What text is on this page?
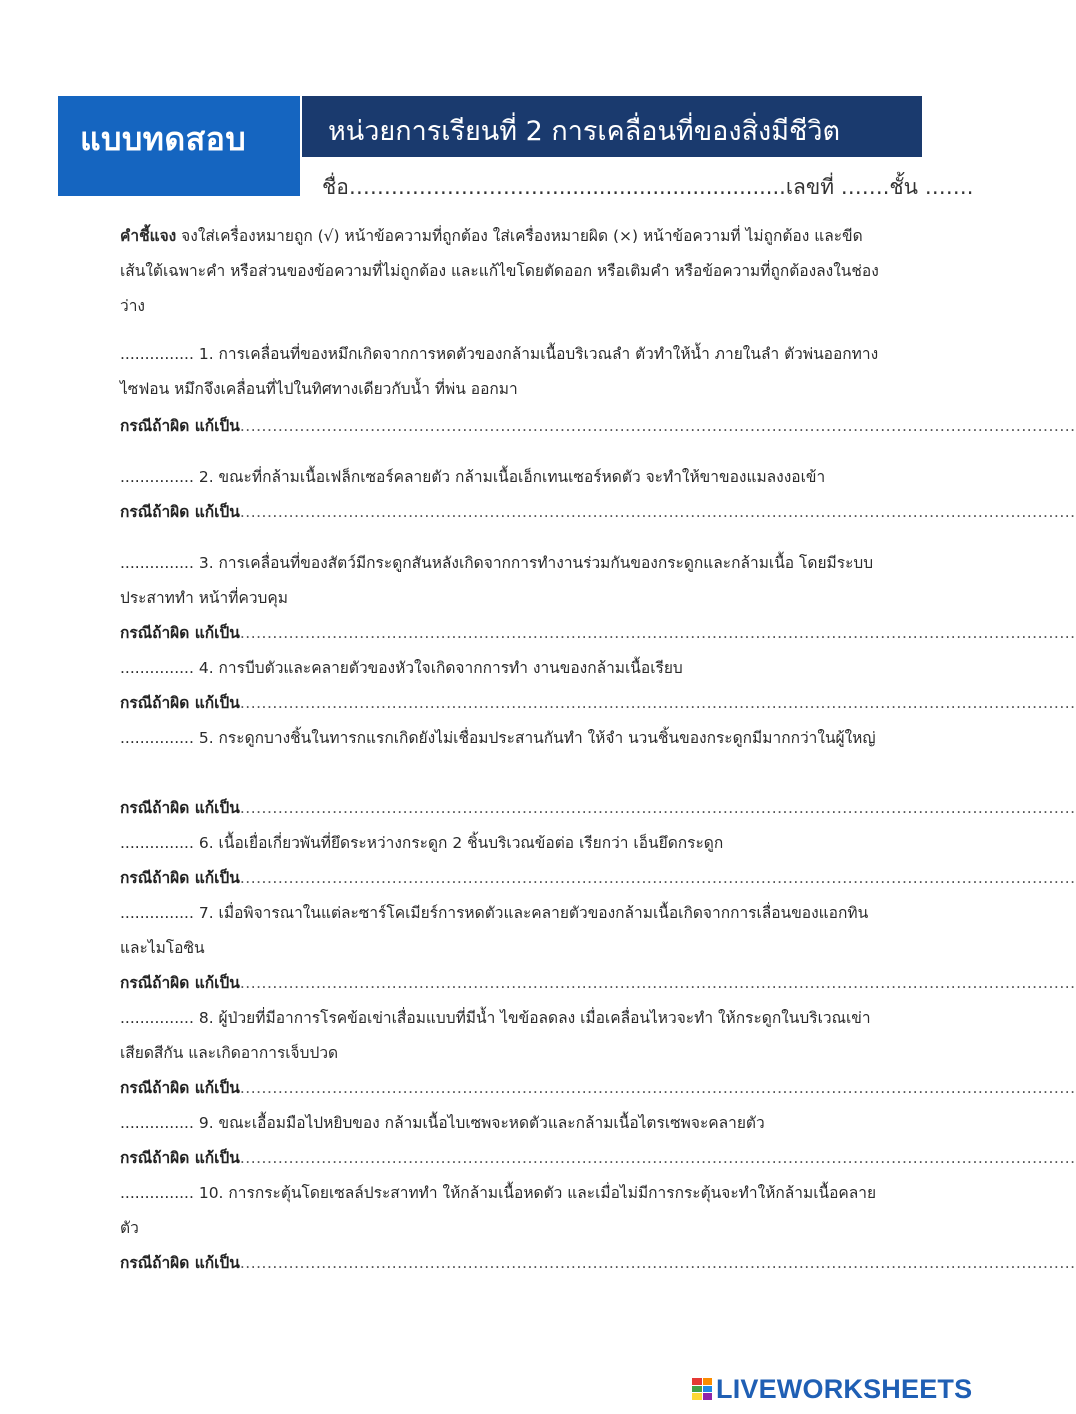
แบบทดสอบ	หน่วยการเรียนที่ 2 การเคลื่อนที่ของสิ่งมีชีวิต
ชื่อ…………………………..................................เลขที่ …….ชั้น …….
คำชี้แจง จงใส่เครื่องหมายถูก (√) หน้าข้อความที่ถูกต้อง ใส่เครื่องหมายผิด (×) หน้าข้อความที่ ไม่ถูกต้อง และขีดเส้นใต้เฉพาะคำ หรือส่วนของข้อความที่ไม่ถูกต้อง และแก้ไขโดยตัดออก หรือเติมคำ หรือข้อความที่ถูกต้องลงในช่องว่าง
............... 1. การเคลื่อนที่ของหมึกเกิดจากการหดตัวของกล้ามเนื้อบริเวณลำ ตัวทำให้น้ำ ภายในลำ ตัวพ่นออกทางไซฟอน หมึกจึงเคลื่อนที่ไปในทิศทางเดียวกับน้ำ ที่พ่น ออกมา
กรณีถ้าผิด แก้เป็น..........................................................................................................................................................
............... 2. ขณะที่กล้ามเนื้อเฟล็กเซอร์คลายตัว กล้ามเนื้อเอ็กเทนเซอร์หดตัว จะทำให้ขาของแมลงงอเข้า
กรณีถ้าผิด แก้เป็น..........................................................................................................................................................
............... 3. การเคลื่อนที่ของสัตว์มีกระดูกสันหลังเกิดจากการทำงานร่วมกันของกระดูกและกล้ามเนื้อ โดยมีระบบประสาททำ หน้าที่ควบคุม
กรณีถ้าผิด แก้เป็น..........................................................................................................................................................
............... 4. การบีบตัวและคลายตัวของหัวใจเกิดจากการทำ งานของกล้ามเนื้อเรียบ
กรณีถ้าผิด แก้เป็น..........................................................................................................................................................
............... 5. กระดูกบางชิ้นในทารกแรกเกิดยังไม่เชื่อมประสานกันทำ ให้จำ นวนชิ้นของกระดูกมีมากกว่าในผู้ใหญ่
กรณีถ้าผิด แก้เป็น..........................................................................................................................................................
............... 6. เนื้อเยื่อเกี่ยวพันที่ยึดระหว่างกระดูก 2 ชิ้นบริเวณข้อต่อ เรียกว่า เอ็นยึดกระดูก
กรณีถ้าผิด แก้เป็น..........................................................................................................................................................
............... 7. เมื่อพิจารณาในแต่ละซาร์โคเมียร์การหดตัวและคลายตัวของกล้ามเนื้อเกิดจากการเลื่อนของแอกทินและไมโอซิน
กรณีถ้าผิด แก้เป็น..........................................................................................................................................................
............... 8. ผู้ป่วยที่มีอาการโรคข้อเข่าเสื่อมแบบที่มีน้ำ ไขข้อลดลง เมื่อเคลื่อนไหวจะทำ ให้กระดูกในบริเวณเข่าเสียดสีกัน และเกิดอาการเจ็บปวด
กรณีถ้าผิด แก้เป็น..........................................................................................................................................................
............... 9. ขณะเอื้อมมือไปหยิบของ กล้ามเนื้อไบเซพจะหดตัวและกล้ามเนื้อไตรเซพจะคลายตัว
กรณีถ้าผิด แก้เป็น..........................................................................................................................................................
............... 10. การกระตุ้นโดยเซลล์ประสาททำ ให้กล้ามเนื้อหดตัว และเมื่อไม่มีการกระตุ้นจะทำให้กล้ามเนื้อคลายตัว
กรณีถ้าผิด แก้เป็น..........................................................................................................................................................
LIVEWORKSHEETS
